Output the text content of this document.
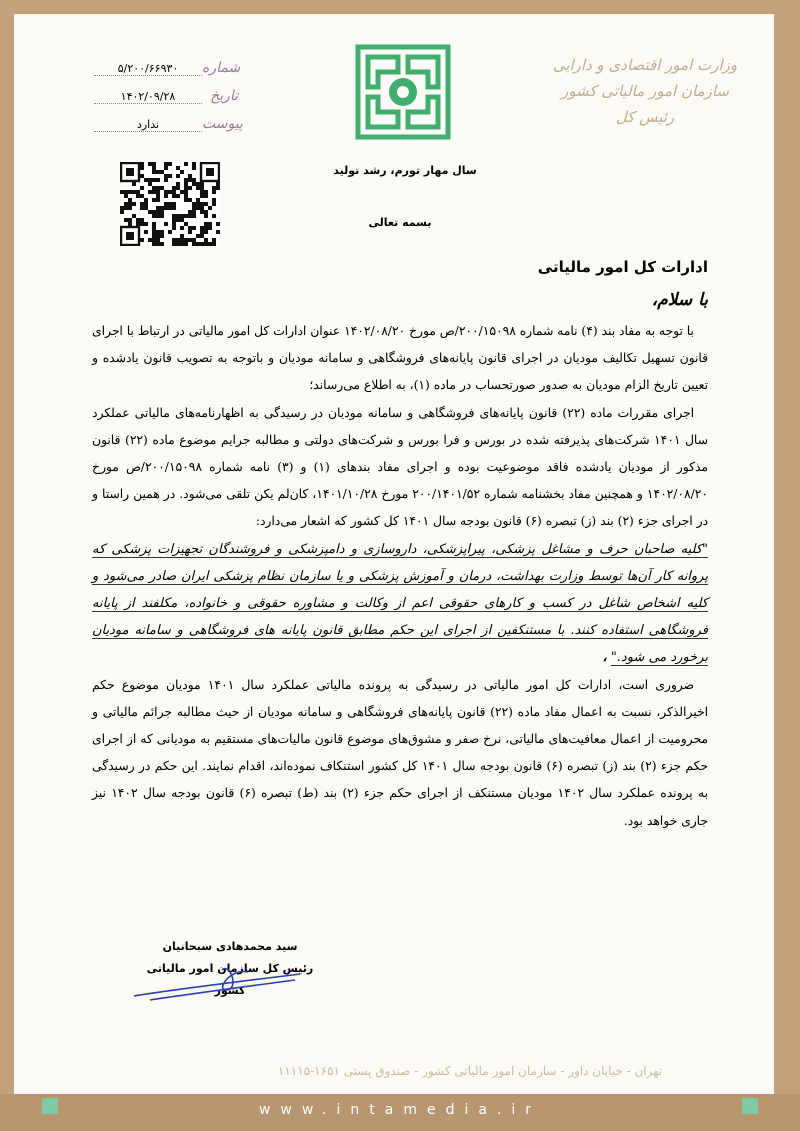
وزارت امور اقتصادی و دارایی
سازمان امور مالیاتی کشور
رئیس کل
۵/۲۰۰/۶۶۹۳۰	شماره
۱۴۰۲/۰۹/۲۸	تاریخ
ندارد	پیوست
سال مهار تورم، رشد تولید
بسمه تعالی
ادارات کل امور مالیاتی
با سلام،

با توجه به مفاد بند (۴) نامه شماره ۲۰۰/۱۵۰۹۸/ص مورخ ۱۴۰۲/۰۸/۲۰ عنوان ادارات کل امور مالیاتی در ارتباط با اجرای قانون تسهیل تکالیف مودیان در اجرای قانون پایانه‌های فروشگاهی و سامانه مودیان و باتوجه به تصویب قانون یادشده و تعیین تاریخ الزام مودیان به صدور صورتحساب در ماده (۱)، به اطلاع می‌رساند؛

اجرای مقررات ماده (۲۲) قانون پایانه‌های فروشگاهی و سامانه مودیان در رسیدگی به اظهارنامه‌های مالیاتی عملکرد سال ۱۴۰۱ شرکت‌های پذیرفته شده در بورس و فرا بورس و شرکت‌های دولتی و مطالبه جرایم موضوع ماده (۲۲) قانون مذکور از مودیان یادشده فاقد موضوعیت بوده و اجرای مفاد بندهای (۱) و (۳) نامه شماره ۲۰۰/۱۵۰۹۸/ص مورخ ۱۴۰۲/۰۸/۲۰ و همچنین مفاد بخشنامه شماره ۲۰۰/۱۴۰۱/۵۲ مورخ ۱۴۰۱/۱۰/۲۸، کان‌لم یکن تلقی می‌شود. در همین راستا و در اجرای جزء (۲) بند (ز) تبصره (۶) قانون بودجه سال ۱۴۰۱ کل کشور که اشعار می‌دارد:

"کلیه صاحبان حرف و مشاغل پزشکی، پیراپزشکی، داروسازی و دامپزشکی و فروشندگان تجهیزات پزشکی که پروانه کار آن‌ها توسط وزارت بهداشت، درمان و آموزش پزشکی و یا سازمان نظام پزشکی ایران صادر می‌شود و کلیه اشخاص شاغل در کسب و کارهای حقوقی اعم از وکالت و مشاوره حقوقی و خانواده، مکلفند از پایانه فروشگاهی استفاده کنند. با مستنکفین از اجرای این حکم مطابق قانون پایانه های فروشگاهی و سامانه مودیان برخورد می شود." ،

ضروری است، ادارات کل امور مالیاتی در رسیدگی به پرونده مالیاتی عملکرد سال ۱۴۰۱ مودیان موضوع حکم اخیرالذکر، نسبت به اعمال مفاد ماده (۲۲) قانون پایانه‌های فروشگاهی و سامانه مودیان از حیث مطالبه جرائم مالیاتی و محرومیت از اعمال معافیت‌های مالیاتی، نرخ صفر و مشوق‌های موضوع قانون مالیات‌های مستقیم به مودیانی که از اجرای حکم جزء (۲) بند (ز) تبصره (۶) قانون بودجه سال ۱۴۰۱ کل کشور استنکاف نموده‌اند، اقدام نمایند. این حکم در رسیدگی به پرونده عملکرد سال ۱۴۰۲ مودیان مستنکف از اجرای حکم جزء (۲) بند (ط) تبصره (۶) قانون بودجه سال ۱۴۰۲ نیز جاری خواهد بود.

سید محمدهادی سبحانیان
رئیس کل سازمان امور مالیاتی کشور
تهران - خیابان داور - سازمان امور مالیاتی کشور - صندوق پستی ۱۶۵۱-۱۱۱۱۵
www.intamedia.ir
